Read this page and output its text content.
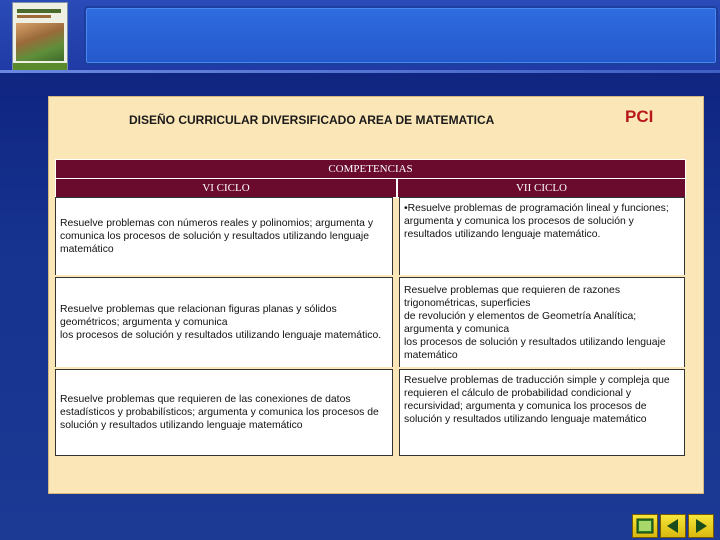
DISEÑO CURRICULAR DIVERSIFICADO AREA DE MATEMATICA	PCI
COMPETENCIAS
VI CICLO	VII CICLO
Resuelve problemas con números reales y polinomios; argumenta y comunica los procesos de solución y resultados utilizando lenguaje matemático
•Resuelve problemas de programación lineal y funciones; argumenta y comunica los procesos de solución y resultados utilizando lenguaje matemático.
Resuelve problemas que relacionan figuras planas y sólidos geométricos; argumenta y comunica
los procesos de solución y resultados utilizando lenguaje matemático.
Resuelve problemas que requieren de razones trigonométricas, superficies
de revolución y elementos de Geometría Analítica; argumenta y comunica
los procesos de solución y resultados utilizando lenguaje matemático
Resuelve problemas que requieren de las conexiones de datos estadísticos y probabilísticos; argumenta y comunica los procesos de solución y resultados utilizando lenguaje matemático
Resuelve problemas de traducción simple y compleja que requieren el cálculo de probabilidad condicional y recursividad; argumenta y comunica los procesos de solución y resultados utilizando lenguaje matemático
